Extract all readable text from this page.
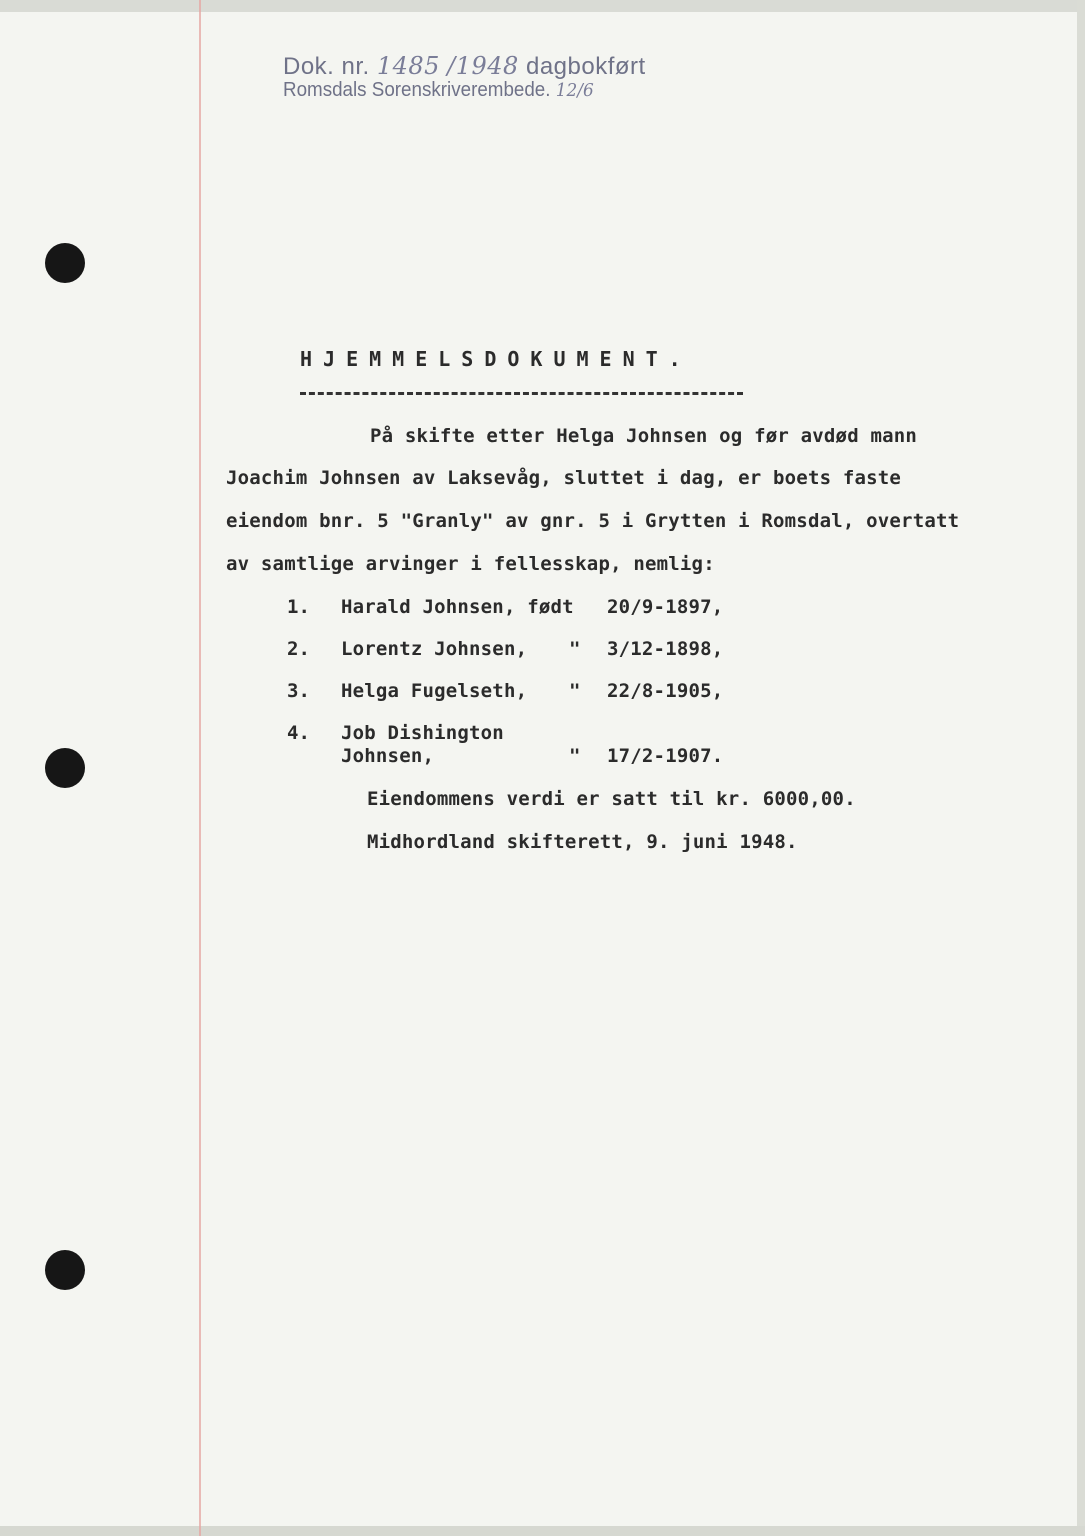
Dok. nr. 1485 /1948 dagbokført
Romsdals Sorenskriverembede. 12/6
HJEMMELSDOKUMENT.
På skifte etter Helga Johnsen og før avdød mann
Joachim Johnsen av Laksevåg, sluttet i dag, er boets faste
eiendom bnr. 5 "Granly" av gnr. 5 i Grytten i Romsdal, overtatt
av samtlige arvinger i fellesskap, nemlig:
1. Harald Johnsen, født 20/9-1897,
2. Lorentz Johnsen, " 3/12-1898,
3. Helga Fugelseth, " 22/8-1905,
4. Job Dishington
Johnsen,	" 17/2-1907.
Eiendommens verdi er satt til kr. 6000,00.
Midhordland skifterett, 9. juni 1948.
